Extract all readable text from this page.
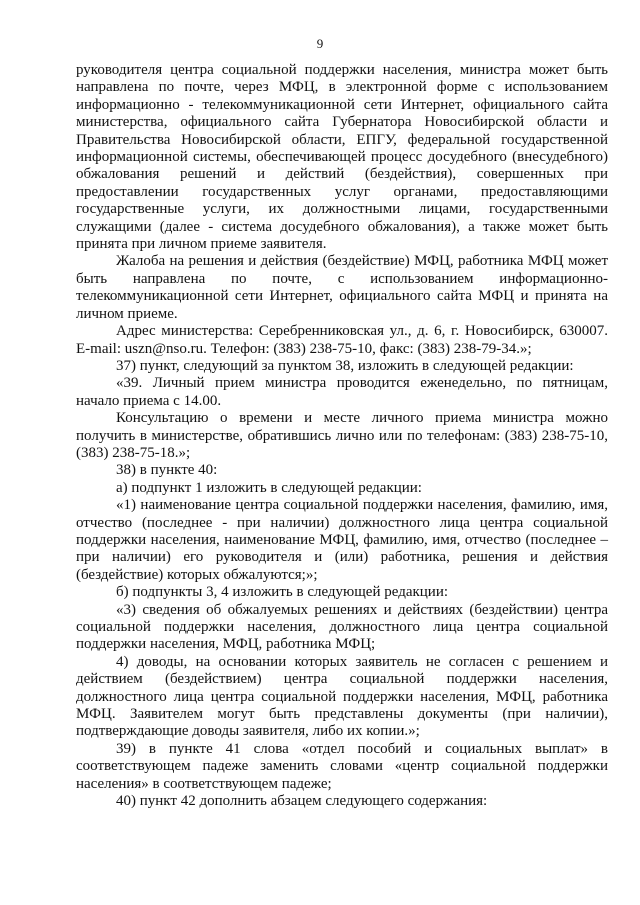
9

руководителя центра социальной поддержки населения, министра может быть направлена по почте, через МФЦ, в электронной форме с использованием информационно - телекоммуникационной сети Интернет, официального сайта министерства, официального сайта Губернатора Новосибирской области и Правительства Новосибирской области, ЕПГУ, федеральной государственной информационной системы, обеспечивающей процесс досудебного (внесудебного) обжалования решений и действий (бездействия), совершенных при предоставлении государственных услуг органами, предоставляющими государственные услуги, их должностными лицами, государственными служащими (далее - система досудебного обжалования), а также может быть принята при личном приеме заявителя.

Жалоба на решения и действия (бездействие) МФЦ, работника МФЦ может быть направлена по почте, с использованием информационно-телекоммуникационной сети Интернет, официального сайта МФЦ и принята на личном приеме.

Адрес министерства: Серебренниковская ул., д. 6, г. Новосибирск, 630007. E-mail: uszn@nso.ru. Телефон: (383) 238-75-10, факс: (383) 238-79-34.»;

37) пункт, следующий за пунктом 38, изложить в следующей редакции:

«39. Личный прием министра проводится еженедельно, по пятницам, начало приема с 14.00.

Консультацию о времени и месте личного приема министра можно получить в министерстве, обратившись лично или по телефонам: (383) 238-75-10, (383) 238-75-18.»;

38) в пункте 40:

а) подпункт 1 изложить в следующей редакции:

«1) наименование центра социальной поддержки населения, фамилию, имя, отчество (последнее - при наличии) должностного лица центра социальной поддержки населения, наименование МФЦ, фамилию, имя, отчество (последнее – при наличии) его руководителя и (или) работника, решения и действия (бездействие) которых обжалуются;»;

б) подпункты 3, 4 изложить в следующей редакции:

«3) сведения об обжалуемых решениях и действиях (бездействии) центра социальной поддержки населения, должностного лица центра социальной поддержки населения, МФЦ, работника МФЦ;

4) доводы, на основании которых заявитель не согласен с решением и действием (бездействием) центра социальной поддержки населения, должностного лица центра социальной поддержки населения, МФЦ, работника МФЦ. Заявителем могут быть представлены документы (при наличии), подтверждающие доводы заявителя, либо их копии.»;

39) в пункте 41 слова «отдел пособий и социальных выплат» в соответствующем падеже заменить словами «центр социальной поддержки населения» в соответствующем падеже;

40) пункт 42 дополнить абзацем следующего содержания:
